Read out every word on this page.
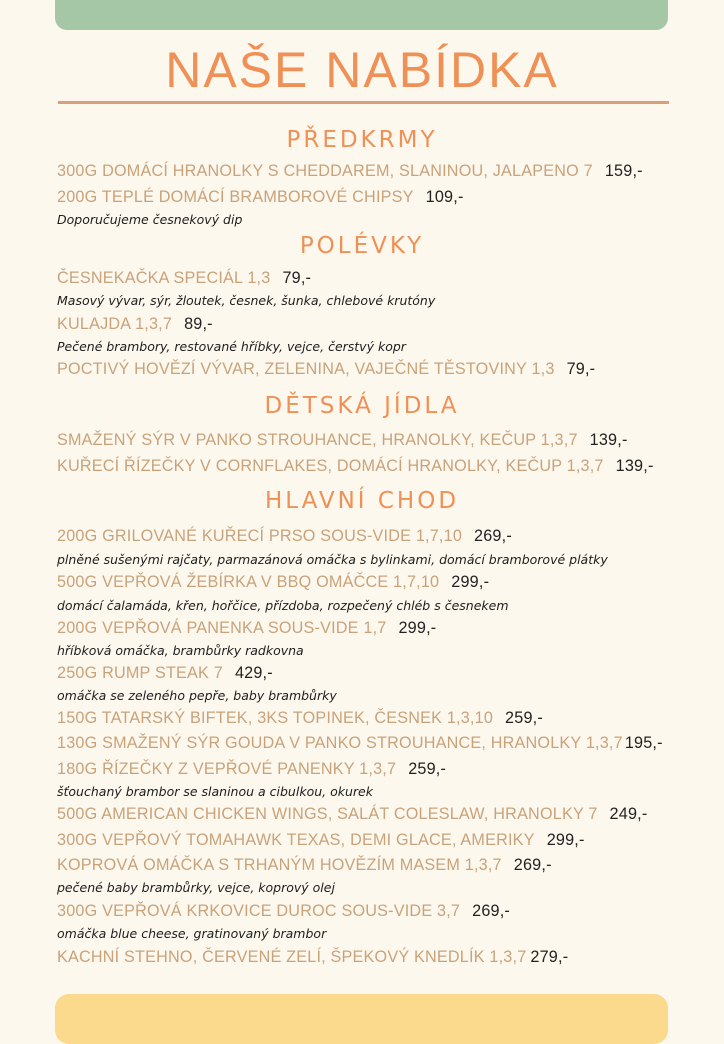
NAŠE NABÍDKA
PŘEDKRMY
300G DOMÁCÍ HRANOLKY S CHEDDAREM, SLANINOU, JALAPENO 7 159,-
200G TEPLÉ DOMÁCÍ BRAMBOROVÉ CHIPSY 109,-
Doporučujeme česnekový dip
POLÉVKY
ČESNEKAČKA SPECIÁL 1,3 79,-
Masový vývar, sýr, žloutek, česnek, šunka, chlebové krutóny
KULAJDA 1,3,7 89,-
Pečené brambory, restované hříbky, vejce, čerstvý kopr
POCTIVÝ HOVĚZÍ VÝVAR, ZELENINA, VAJEČNÉ TĚSTOVINY 1,3 79,-
DĚTSKÁ JÍDLA
SMAŽENÝ SÝR V PANKO STROUHANCE, HRANOLKY, KEČUP 1,3,7 139,-
KUŘECÍ ŘÍZEČKY V CORNFLAKES, DOMÁCÍ HRANOLKY, KEČUP 1,3,7 139,-
HLAVNÍ CHOD
200G GRILOVANÉ KUŘECÍ PRSO SOUS-VIDE 1,7,10 269,-
plněné sušenými rajčaty, parmazánová omáčka s bylinkami, domácí bramborové plátky
500G VEPŘOVÁ ŽEBÍRKA V BBQ OMÁČCE 1,7,10 299,-
domácí čalamáda, křen, hořčice, přízdoba, rozpečený chléb s česnekem
200G VEPŘOVÁ PANENKA SOUS-VIDE 1,7 299,-
hříbková omáčka, brambůrky radkovna
250G RUMP STEAK 7 429,-
omáčka se zeleného pepře, baby brambůrky
150G TATARSKÝ BIFTEK, 3KS TOPINEK, ČESNEK 1,3,10 259,-
130G SMAŽENÝ SÝR GOUDA V PANKO STROUHANCE, HRANOLKY 1,3,7 195,-
180G ŘÍZEČKY Z VEPŘOVÉ PANENKY 1,3,7 259,-
šťouchaný brambor se slaninou a cibulkou, okurek
500G AMERICAN CHICKEN WINGS, SALÁT COLESLAW, HRANOLKY 7 249,-
300G VEPŘOVÝ TOMAHAWK TEXAS, DEMI GLACE, AMERIKY 299,-
KOPROVÁ OMÁČKA S TRHANÝM HOVĚZÍM MASEM 1,3,7 269,-
pečené baby brambůrky, vejce, koprový olej
300G VEPŘOVÁ KRKOVICE DUROC SOUS-VIDE 3,7 269,-
omáčka blue cheese, gratinovaný brambor
KACHNÍ STEHNO, ČERVENÉ ZELÍ, ŠPEKOVÝ KNEDLÍK 1,3,7 279,-
